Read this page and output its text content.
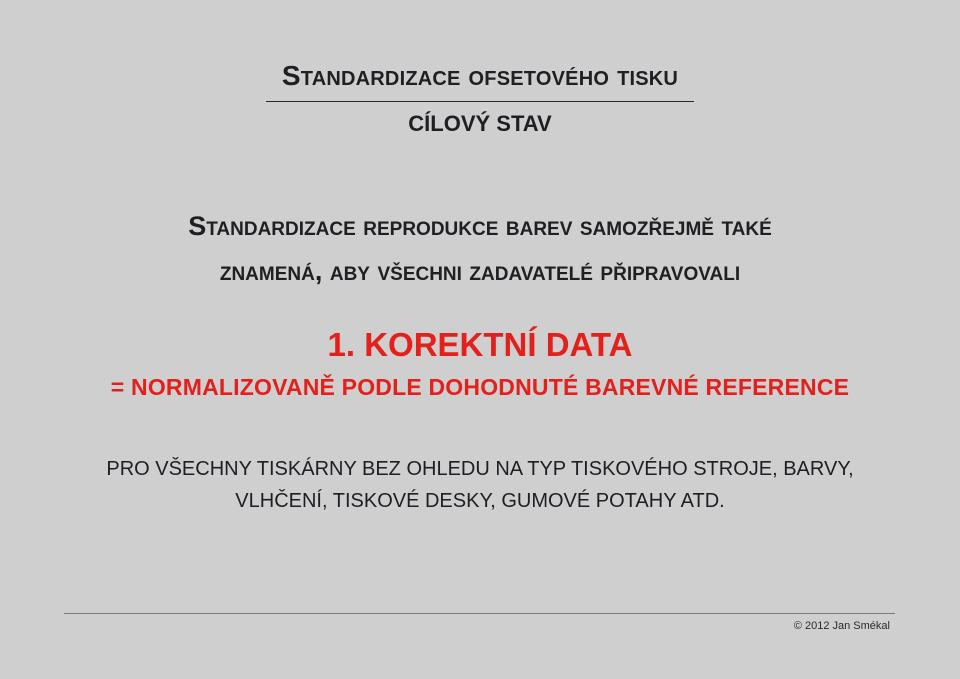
Standardizace ofsetového tisku
CÍLOVÝ STAV
Standardizace reprodukce barev samozřejmě také
znamená, aby všechni zadavatelé připravovali
1. KOREKTNÍ DATA
= NORMALIZOVANĚ PODLE DOHODNUTÉ BAREVNÉ REFERENCE
PRO VŠECHNY TISKÁRNY BEZ OHLEDU NA TYP TISKOVÉHO STROJE, BARVY,
VLHČENÍ, TISKOVÉ DESKY, GUMOVÉ POTAHY ATD.
© 2012 Jan Smékal
